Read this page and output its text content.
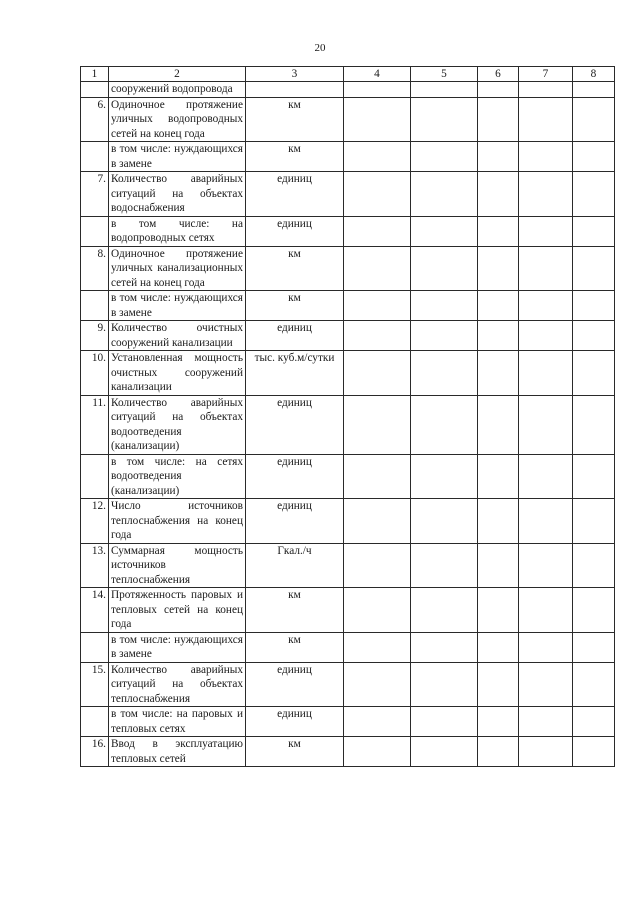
20
1	2	3	4	5	6	7	8
	сооружений водопровода						
6.	Одиночное протяжение уличных водопроводных сетей на конец года	км					
	в том числе: нуждающихся в замене	км					
7.	Количество аварийных ситуаций на объектах водоснабжения	единиц					
	в том числе: на водопроводных сетях	единиц					
8.	Одиночное протяжение уличных канализационных сетей на конец года	км					
	в том числе: нуждающихся в замене	км					
9.	Количество очистных сооружений канализации	единиц					
10.	Установленная мощность очистных сооружений канализации	тыс. куб.м/сутки					
11.	Количество аварийных ситуаций на объектах водоотведения (канализации)	единиц					
	в том числе: на сетях водоотведения (канализации)	единиц					
12.	Число источников теплоснабжения на конец года	единиц					
13.	Суммарная мощность источников теплоснабжения	Гкал./ч					
14.	Протяженность паровых и тепловых сетей на конец года	км					
	в том числе: нуждающихся в замене	км					
15.	Количество аварийных ситуаций на объектах теплоснабжения	единиц					
	в том числе: на паровых и тепловых сетях	единиц					
16.	Ввод в эксплуатацию тепловых сетей	км					
